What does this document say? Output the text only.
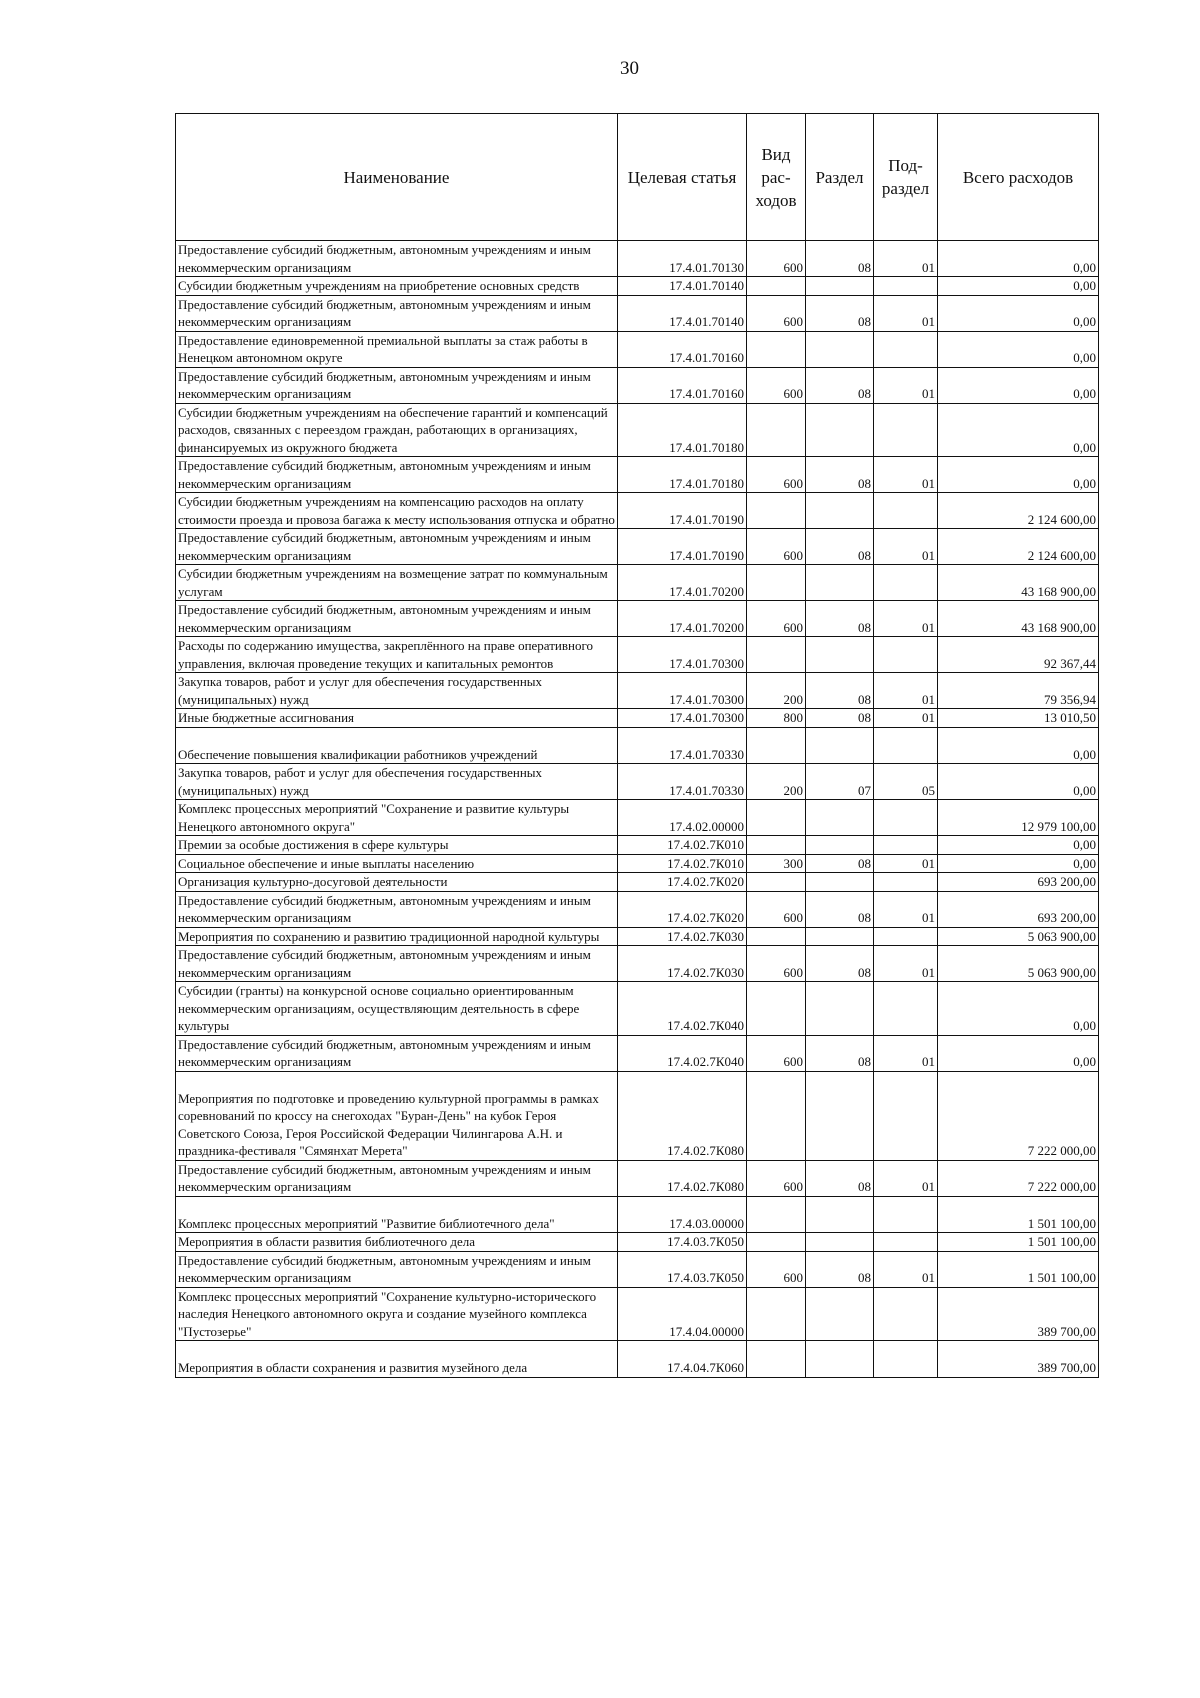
30
Наименование	Целевая статья	Вид рас- ходов	Раздел	Под- раздел	Всего расходов
Предоставление субсидий бюджетным, автономным учреждениям и иным некоммерческим организациям	17.4.01.70130	600	08	01	0,00
Субсидии бюджетным учреждениям на приобретение основных средств	17.4.01.70140				0,00
Предоставление субсидий бюджетным, автономным учреждениям и иным некоммерческим организациям	17.4.01.70140	600	08	01	0,00
Предоставление единовременной премиальной выплаты за стаж работы в Ненецком автономном округе	17.4.01.70160				0,00
Предоставление субсидий бюджетным, автономным учреждениям и иным некоммерческим организациям	17.4.01.70160	600	08	01	0,00
Субсидии бюджетным учреждениям на обеспечение гарантий и компенсаций расходов, связанных с переездом граждан, работающих в организациях, финансируемых из окружного бюджета	17.4.01.70180				0,00
Предоставление субсидий бюджетным, автономным учреждениям и иным некоммерческим организациям	17.4.01.70180	600	08	01	0,00
Субсидии бюджетным учреждениям на компенсацию расходов на оплату стоимости проезда и провоза багажа к месту использования отпуска и обратно	17.4.01.70190				2 124 600,00
Предоставление субсидий бюджетным, автономным учреждениям и иным некоммерческим организациям	17.4.01.70190	600	08	01	2 124 600,00
Субсидии бюджетным учреждениям на возмещение затрат по коммунальным услугам	17.4.01.70200				43 168 900,00
Предоставление субсидий бюджетным, автономным учреждениям и иным некоммерческим организациям	17.4.01.70200	600	08	01	43 168 900,00
Расходы по содержанию имущества, закреплённого на праве оперативного управления, включая проведение текущих и капитальных ремонтов	17.4.01.70300				92 367,44
Закупка товаров, работ и услуг для обеспечения государственных (муниципальных) нужд	17.4.01.70300	200	08	01	79 356,94
Иные бюджетные ассигнования	17.4.01.70300	800	08	01	13 010,50
Обеспечение повышения квалификации работников учреждений	17.4.01.70330				0,00
Закупка товаров, работ и услуг для обеспечения государственных (муниципальных) нужд	17.4.01.70330	200	07	05	0,00
Комплекс процессных мероприятий "Сохранение и развитие культуры Ненецкого автономного округа"	17.4.02.00000				12 979 100,00
Премии за особые достижения в сфере культуры	17.4.02.7К010				0,00
Социальное обеспечение и иные выплаты населению	17.4.02.7К010	300	08	01	0,00
Организация культурно-досуговой деятельности	17.4.02.7К020				693 200,00
Предоставление субсидий бюджетным, автономным учреждениям и иным некоммерческим организациям	17.4.02.7К020	600	08	01	693 200,00
Мероприятия по сохранению и развитию традиционной народной культуры	17.4.02.7К030				5 063 900,00
Предоставление субсидий бюджетным, автономным учреждениям и иным некоммерческим организациям	17.4.02.7К030	600	08	01	5 063 900,00
Субсидии (гранты) на конкурсной основе социально ориентированным некоммерческим организациям, осуществляющим деятельность в сфере культуры	17.4.02.7К040				0,00
Предоставление субсидий бюджетным, автономным учреждениям и иным некоммерческим организациям	17.4.02.7К040	600	08	01	0,00
Мероприятия по подготовке и проведению культурной программы в рамках соревнований по кроссу на снегоходах "Буран-День" на кубок Героя Советского Союза, Героя Российской Федерации Чилингарова А.Н. и праздника-фестиваля "Сямянхат Мерета"	17.4.02.7К080				7 222 000,00
Предоставление субсидий бюджетным, автономным учреждениям и иным некоммерческим организациям	17.4.02.7К080	600	08	01	7 222 000,00
Комплекс процессных мероприятий "Развитие библиотечного дела"	17.4.03.00000				1 501 100,00
Мероприятия в области развития библиотечного дела	17.4.03.7К050				1 501 100,00
Предоставление субсидий бюджетным, автономным учреждениям и иным некоммерческим организациям	17.4.03.7К050	600	08	01	1 501 100,00
Комплекс процессных мероприятий "Сохранение культурно-исторического наследия Ненецкого автономного округа и создание музейного комплекса "Пустозерье"	17.4.04.00000				389 700,00
Мероприятия в области сохранения и развития музейного дела	17.4.04.7К060				389 700,00
